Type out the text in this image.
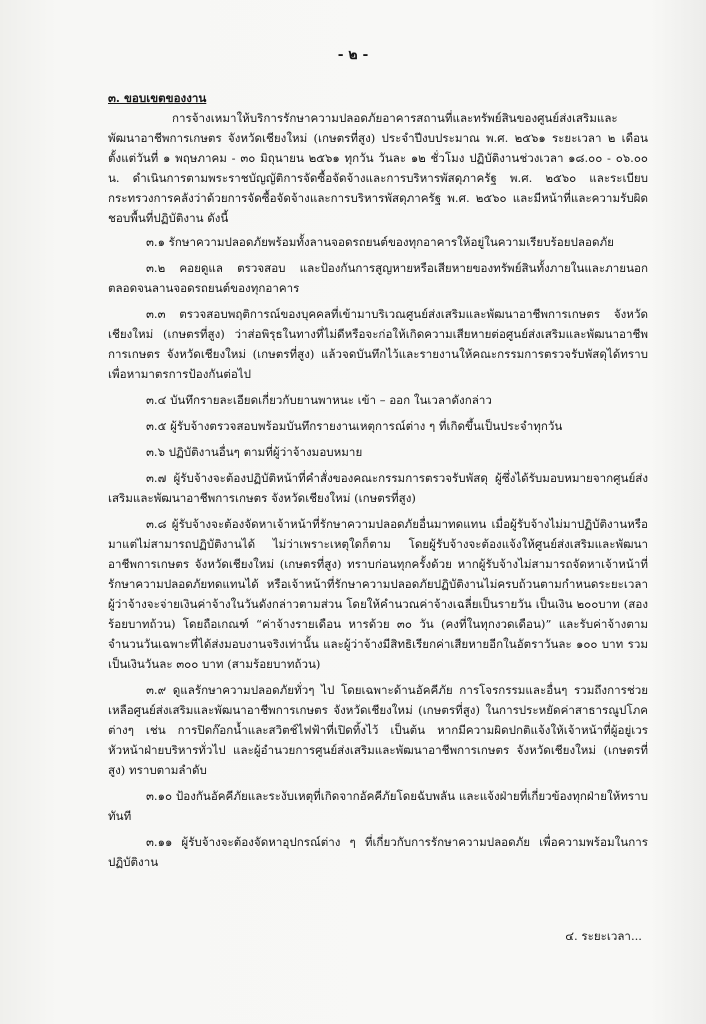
- ๒ -

๓. ขอบเขตของงาน

การจ้างเหมาให้บริการรักษาความปลอดภัยอาคารสถานที่และทรัพย์สินของศูนย์ส่งเสริมและพัฒนาอาชีพการเกษตร จังหวัดเชียงใหม่ (เกษตรที่สูง) ประจำปีงบประมาณ พ.ศ. ๒๕๖๑ ระยะเวลา ๒ เดือน ตั้งแต่วันที่ ๑ พฤษภาคม - ๓๐ มิถุนายน ๒๕๖๑ ทุกวัน วันละ ๑๒ ชั่วโมง ปฏิบัติงานช่วงเวลา ๑๘.๐๐ - ๐๖.๐๐ น. ดำเนินการตามพระราชบัญญัติการจัดซื้อจัดจ้างและการบริหารพัสดุภาครัฐ พ.ศ. ๒๕๖๐ และระเบียบกระทรวงการคลังว่าด้วยการจัดซื้อจัดจ้างและการบริหารพัสดุภาครัฐ พ.ศ. ๒๕๖๐ และมีหน้าที่และความรับผิดชอบพื้นที่ปฏิบัติงาน ดังนี้

๓.๑ รักษาความปลอดภัยพร้อมทั้งลานจอดรถยนต์ของทุกอาคารให้อยู่ในความเรียบร้อยปลอดภัย

๓.๒ คอยดูแล ตรวจสอบ และป้องกันการสูญหายหรือเสียหายของทรัพย์สินทั้งภายในและภายนอก ตลอดจนลานจอดรถยนต์ของทุกอาคาร

๓.๓ ตรวจสอบพฤติการณ์ของบุคคลที่เข้ามาบริเวณศูนย์ส่งเสริมและพัฒนาอาชีพการเกษตร จังหวัดเชียงใหม่ (เกษตรที่สูง) ว่าส่อพิรุธในทางที่ไม่ดีหรือจะก่อให้เกิดความเสียหายต่อศูนย์ส่งเสริมและพัฒนาอาชีพการเกษตร จังหวัดเชียงใหม่ (เกษตรที่สูง) แล้วจดบันทึกไว้และรายงานให้คณะกรรมการตรวจรับพัสดุได้ทราบเพื่อหามาตรการป้องกันต่อไป

๓.๔ บันทึกรายละเอียดเกี่ยวกับยานพาหนะ เข้า – ออก ในเวลาดังกล่าว

๓.๕ ผู้รับจ้างตรวจสอบพร้อมบันทึกรายงานเหตุการณ์ต่าง ๆ ที่เกิดขึ้นเป็นประจำทุกวัน

๓.๖ ปฏิบัติงานอื่นๆ ตามที่ผู้ว่าจ้างมอบหมาย

๓.๗ ผู้รับจ้างจะต้องปฏิบัติหน้าที่คำสั่งของคณะกรรมการตรวจรับพัสดุ ผู้ซึ่งได้รับมอบหมายจากศูนย์ส่งเสริมและพัฒนาอาชีพการเกษตร จังหวัดเชียงใหม่ (เกษตรที่สูง)

๓.๘ ผู้รับจ้างจะต้องจัดหาเจ้าหน้าที่รักษาความปลอดภัยอื่นมาทดแทน เมื่อผู้รับจ้างไม่มาปฏิบัติงานหรือมาแต่ไม่สามารถปฏิบัติงานได้ ไม่ว่าเพราะเหตุใดก็ตาม โดยผู้รับจ้างจะต้องแจ้งให้ศูนย์ส่งเสริมและพัฒนาอาชีพการเกษตร จังหวัดเชียงใหม่ (เกษตรที่สูง) ทราบก่อนทุกครั้งด้วย หากผู้รับจ้างไม่สามารถจัดหาเจ้าหน้าที่รักษาความปลอดภัยทดแทนได้ หรือเจ้าหน้าที่รักษาความปลอดภัยปฏิบัติงานไม่ครบถ้วนตามกำหนดระยะเวลาผู้ว่าจ้างจะจ่ายเงินค่าจ้างในวันดังกล่าวตามส่วน โดยให้คำนวณค่าจ้างเฉลี่ยเป็นรายวัน เป็นเงิน ๒๐๐บาท (สองร้อยบาทถ้วน) โดยถือเกณฑ์ “ค่าจ้างรายเดือน หารด้วย ๓๐ วัน (คงที่ในทุกงวดเดือน)” และรับค่าจ้างตามจำนวนวันเฉพาะที่ได้ส่งมอบงานจริงเท่านั้น และผู้ว่าจ้างมีสิทธิเรียกค่าเสียหายอีกในอัตราวันละ ๑๐๐ บาท รวมเป็นเงินวันละ ๓๐๐ บาท (สามร้อยบาทถ้วน)

๓.๙ ดูแลรักษาความปลอดภัยทั่วๆ ไป โดยเฉพาะด้านอัคคีภัย การโจรกรรมและอื่นๆ รวมถึงการช่วยเหลือศูนย์ส่งเสริมและพัฒนาอาชีพการเกษตร จังหวัดเชียงใหม่ (เกษตรที่สูง) ในการประหยัดค่าสาธารณูปโภคต่างๆ เช่น การปิดก๊อกน้ำและสวิตช์ไฟฟ้าที่เปิดทิ้งไว้ เป็นต้น หากมีความผิดปกติแจ้งให้เจ้าหน้าที่ผู้อยู่เวร หัวหน้าฝ่ายบริหารทั่วไป และผู้อำนวยการศูนย์ส่งเสริมและพัฒนาอาชีพการเกษตร จังหวัดเชียงใหม่ (เกษตรที่สูง) ทราบตามลำดับ

๓.๑๐ ป้องกันอัคคีภัยและระงับเหตุที่เกิดจากอัคคีภัยโดยฉับพลัน และแจ้งฝ่ายที่เกี่ยวข้องทุกฝ่ายให้ทราบทันที

๓.๑๑ ผู้รับจ้างจะต้องจัดหาอุปกรณ์ต่าง ๆ ที่เกี่ยวกับการรักษาความปลอดภัย เพื่อความพร้อมในการปฏิบัติงาน

๔. ระยะเวลา...
